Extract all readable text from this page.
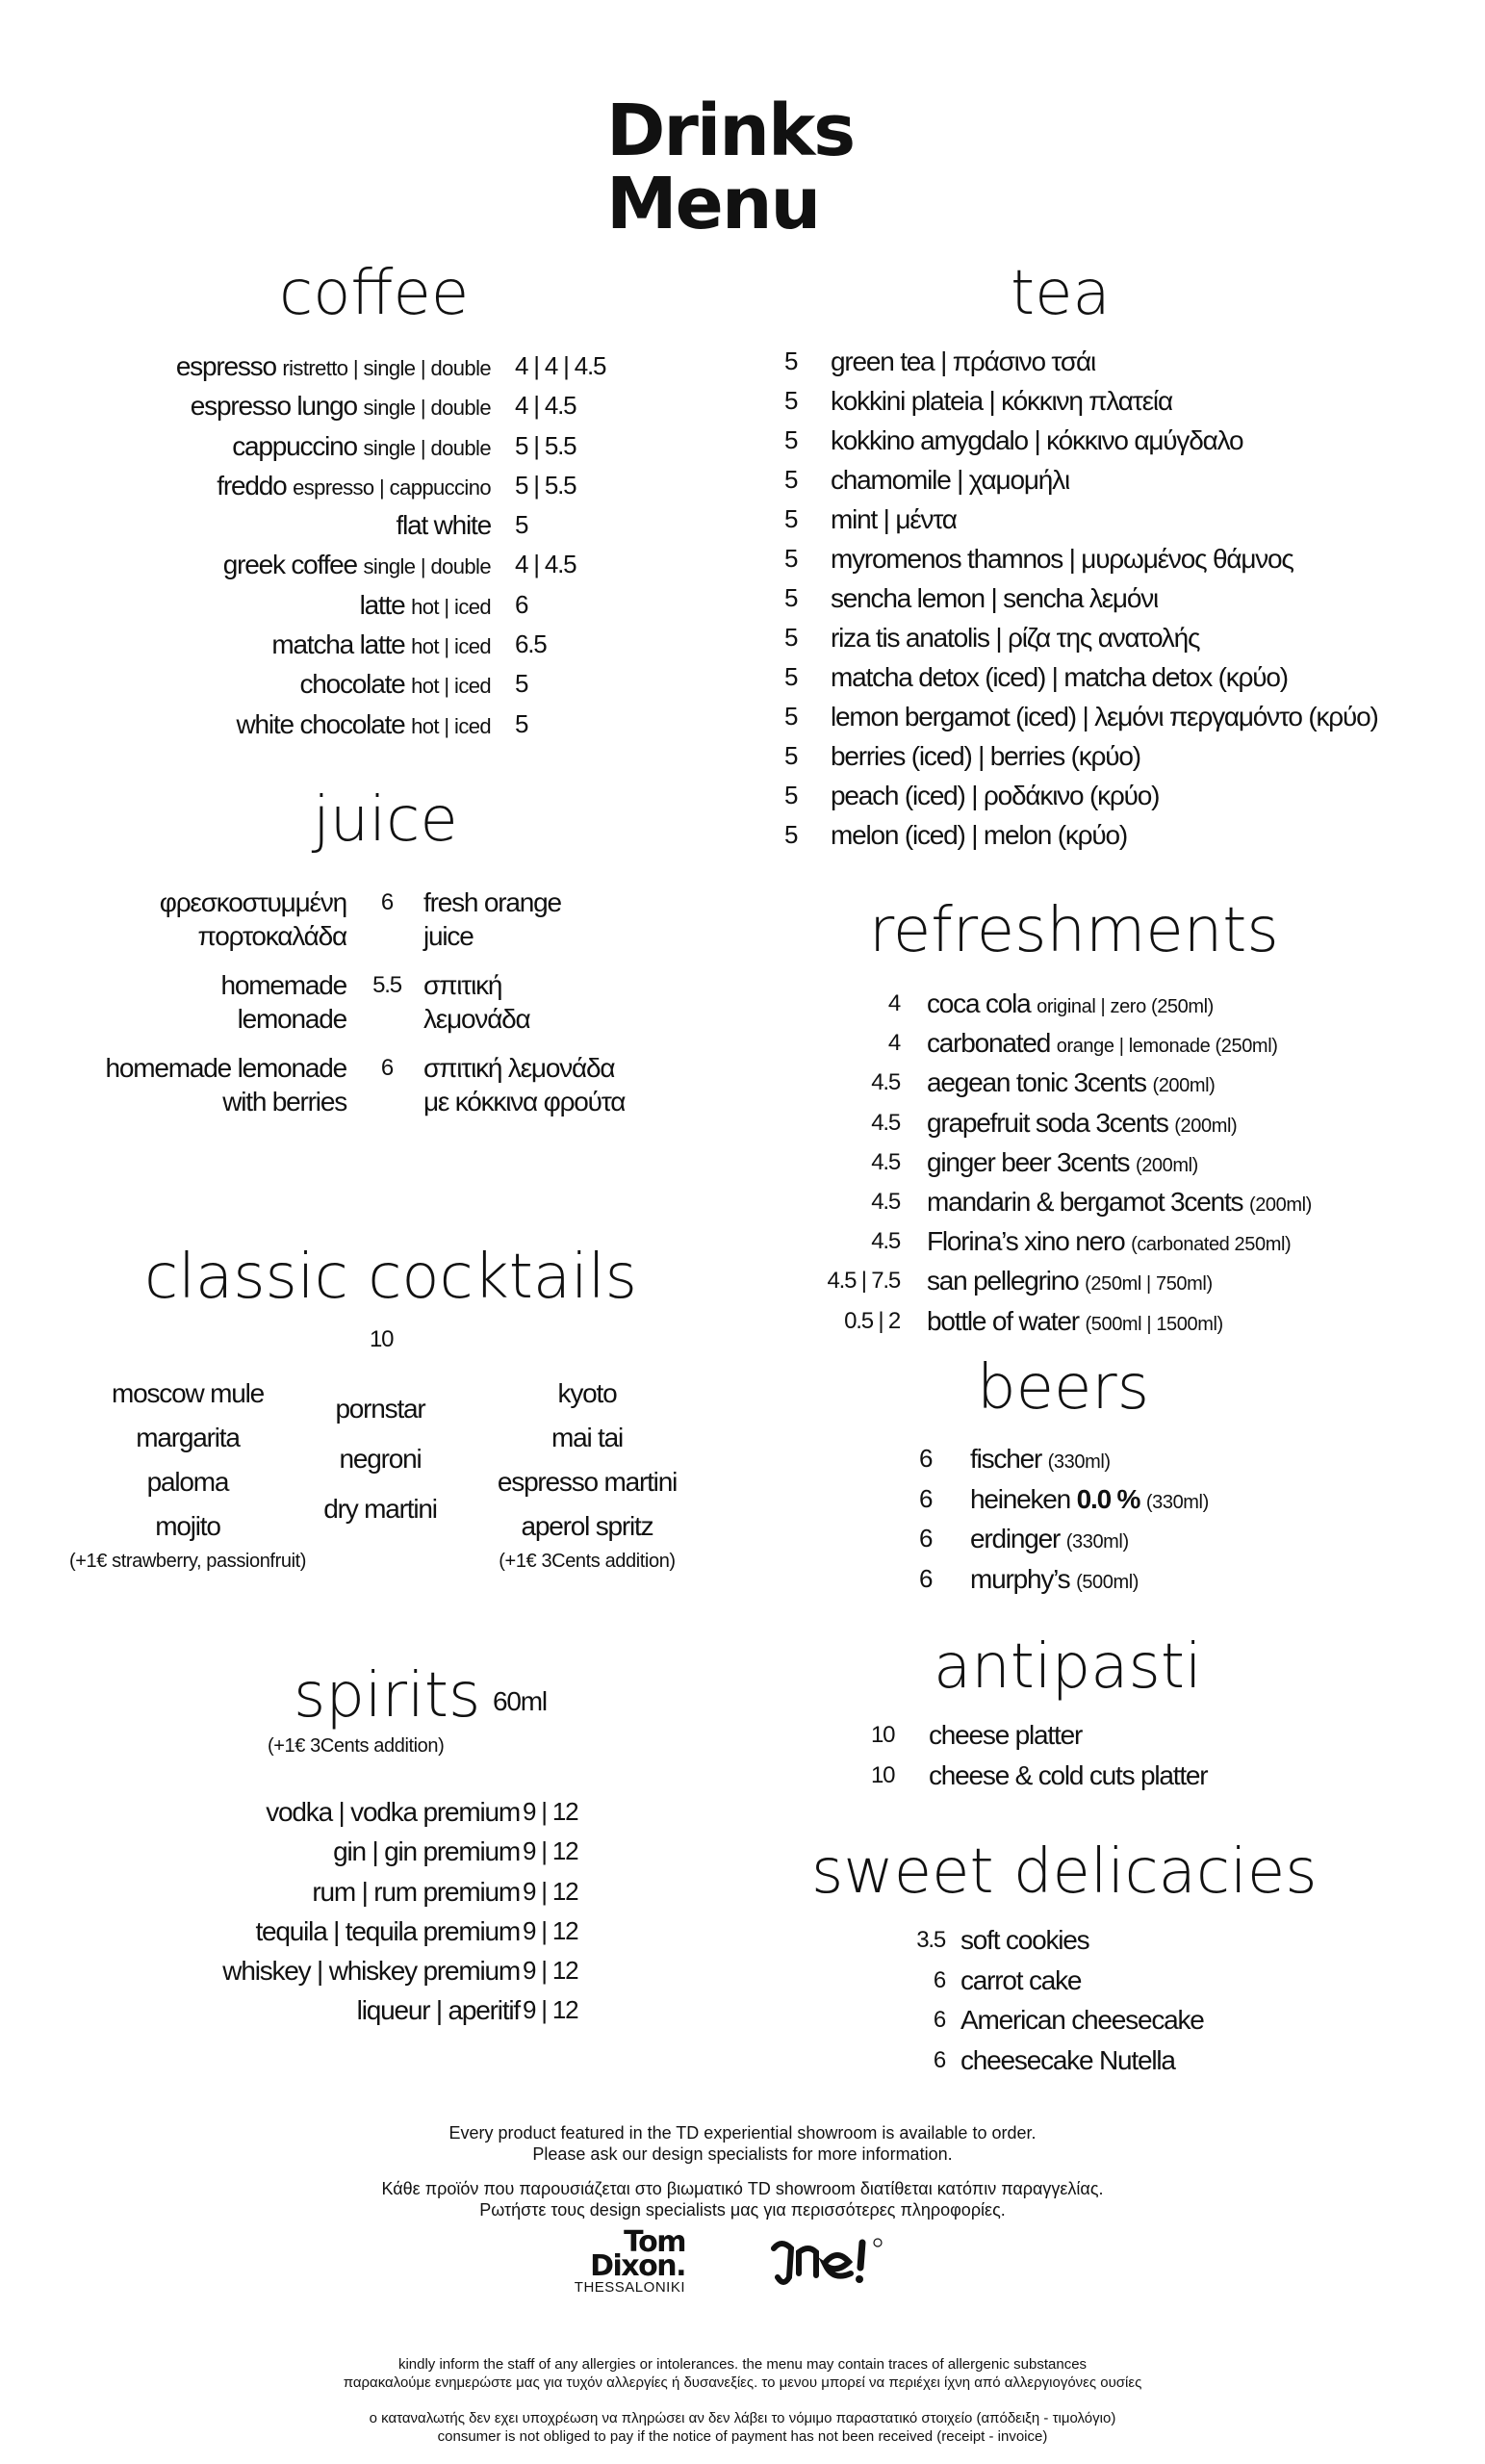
Drinks
Menu
coffee
espresso ristretto | single | double 4 | 4 | 4.5
espresso lungo single | double 4 | 4.5
cappuccino single | double 5 | 5.5
freddo espresso | cappuccino 5 | 5.5
flat white 5
greek coffee single | double 4 | 4.5
latte hot | iced 6
matcha latte hot | iced 6.5
chocolate hot | iced 5
white chocolate hot | iced 5
tea
5 green tea | πράσινο τσάι
5 kokkini plateia | κόκκινη πλατεία
5 kokkino amygdalo | κόκκινο αμύγδαλο
5 chamomile | χαμομήλι
5 mint | μέντα
5 myromenos thamnos | μυρωμένος θάμνος
5 sencha lemon | sencha λεμόνι
5 riza tis anatolis | ρίζα της ανατολής
5 matcha detox (iced) | matcha detox (κρύο)
5 lemon bergamot (iced) | λεμόνι περγαμόντο (κρύο)
5 berries (iced) | berries (κρύο)
5 peach (iced) | ροδάκινο (κρύο)
5 melon (iced) | melon (κρύο)
juice
φρεσκοστυμμένη
πορτοκαλάδα
6	fresh orange
juice
homemade
lemonade
5.5 σπιτική
λεμονάδα
homemade lemonade
with berries
6	σπιτική λεμονάδα
με κόκκινα φρούτα
refreshments
4 coca cola original | zero (250ml)
4 carbonated orange | lemonade (250ml)
4.5 aegean tonic 3cents (200ml)
4.5 grapefruit soda 3cents (200ml)
4.5 ginger beer 3cents (200ml)
4.5 mandarin & bergamot 3cents (200ml)
4.5 Florina’s xino nero (carbonated 250ml)
4.5 | 7.5 san pellegrino (250ml | 750ml)
0.5 | 2 bottle of water (500ml | 1500ml)
classic cocktails
10
moscow mule
margarita
paloma
mojito
(+1€ strawberry, passionfruit)
pornstar
negroni
dry martini
kyoto
mai tai
espresso martini
aperol spritz
(+1€ 3Cents addition)
beers
6 fischer (330ml)
6 heineken 0.0 % (330ml)
6 erdinger (330ml)
6 murphy’s (500ml)
spirits 60ml
(+1€ 3Cents addition)
vodka | vodka premium 9 | 12
gin | gin premium 9 | 12
rum | rum premium 9 | 12
tequila | tequila premium 9 | 12
whiskey | whiskey premium 9 | 12
liqueur | aperitif 9 | 12
antipasti
10 cheese platter
10 cheese & cold cuts platter
sweet delicacies
3.5 soft cookies
6 carrot cake
6 American cheesecake
6 cheesecake Nutella
Every product featured in the TD experiential showroom is available to order.
Please ask our design specialists for more information.
Κάθε προϊόν που παρουσιάζεται στο βιωματικό TD showroom διατίθεται κατόπιν παραγγελίας.
Ρωτήστε τους design specialists μας για περισσότερες πληροφορίες.
Tom
Dixon.
THESSALONIKI
kindly inform the staff of any allergies or intolerances. the menu may contain traces of allergenic substances
παρακαλούμε ενημερώστε μας για τυχόν αλλεργίες ή δυσανεξίες. το μενου μπορεί να περιέχει ίχνη από αλλεργιογόνες ουσίες
ο καταναλωτής δεν εχει υποχρέωση να πληρώσει αν δεν λάβει το νόμιμο παραστατικό στοιχείο (απόδειξη - τιμολόγιο)
consumer is not obliged to pay if the notice of payment has not been received (receipt - invoice)
